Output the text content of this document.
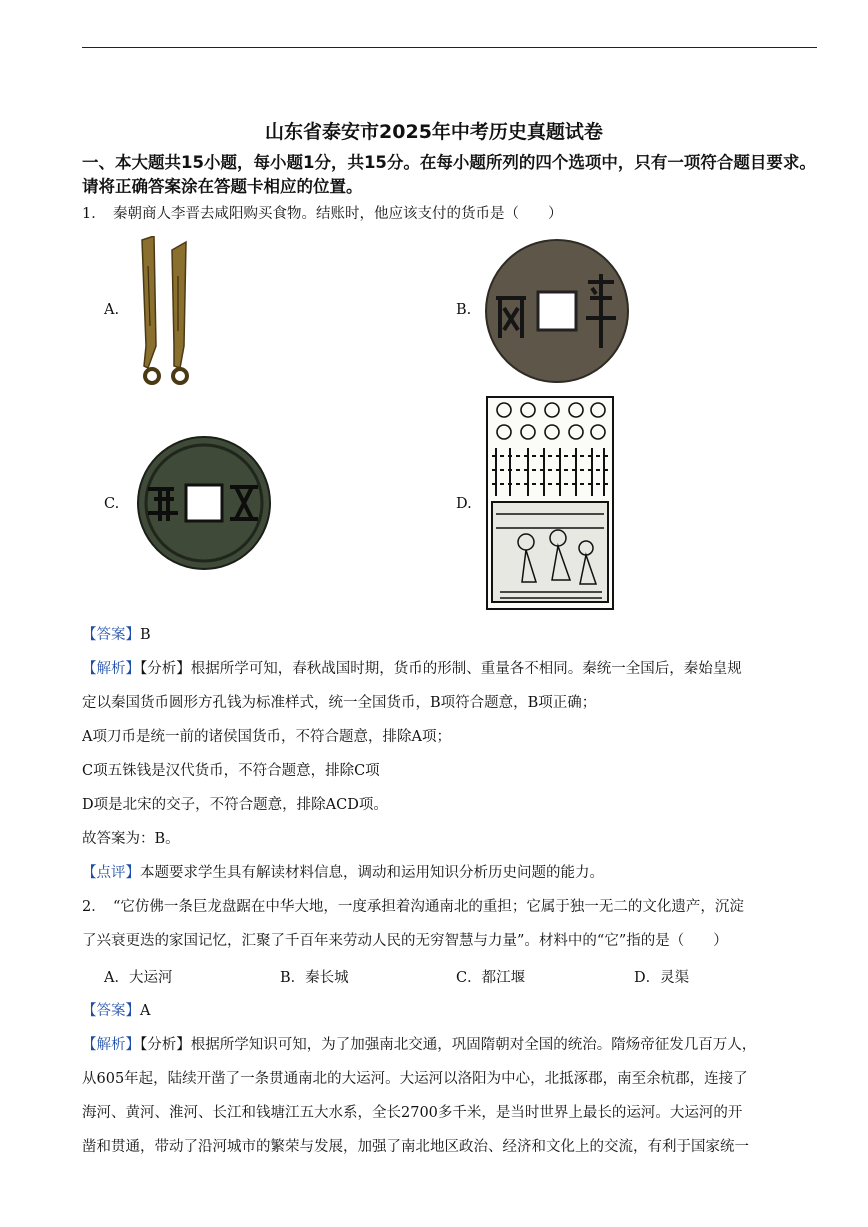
山东省泰安市2025年中考历史真题试卷
一、本大题共15小题，每小题1分，共15分。在每小题所列的四个选项中，只有一项符合题目要求。请将正确答案涂在答题卡相应的位置。
1．　秦朝商人李晋去咸阳购买食物。结账时，他应该支付的货币是（　　）
A.	B.
C.	D.
【答案】B
【解析】【分析】根据所学可知，春秋战国时期，货币的形制、重量各不相同。秦统一全国后，秦始皇规
定以秦国货币圆形方孔钱为标准样式，统一全国货币，B项符合题意，B项正确；
A项刀币是统一前的诸侯国货币，不符合题意，排除A项；
C项五铢钱是汉代货币，不符合题意，排除C项
D项是北宋的交子，不符合题意，排除ACD项。
故答案为：B。
【点评】本题要求学生具有解读材料信息，调动和运用知识分析历史问题的能力。
2．　“它仿佛一条巨龙盘踞在中华大地，一度承担着沟通南北的重担；它属于独一无二的文化遗产，沉淀
了兴衰更迭的家国记忆，汇聚了千百年来劳动人民的无穷智慧与力量”。材料中的“它”指的是（　　）
A．大运河	B．秦长城	C．都江堰	D．灵渠
【答案】A
【解析】【分析】根据所学知识可知，为了加强南北交通，巩固隋朝对全国的统治。隋炀帝征发几百万人，
从605年起，陆续开凿了一条贯通南北的大运河。大运河以洛阳为中心，北抵涿郡，南至余杭郡，连接了
海河、黄河、淮河、长江和钱塘江五大水系，全长2700多千米，是当时世界上最长的运河。大运河的开
凿和贯通，带动了沿河城市的繁荣与发展，加强了南北地区政治、经济和文化上的交流，有利于国家统一
